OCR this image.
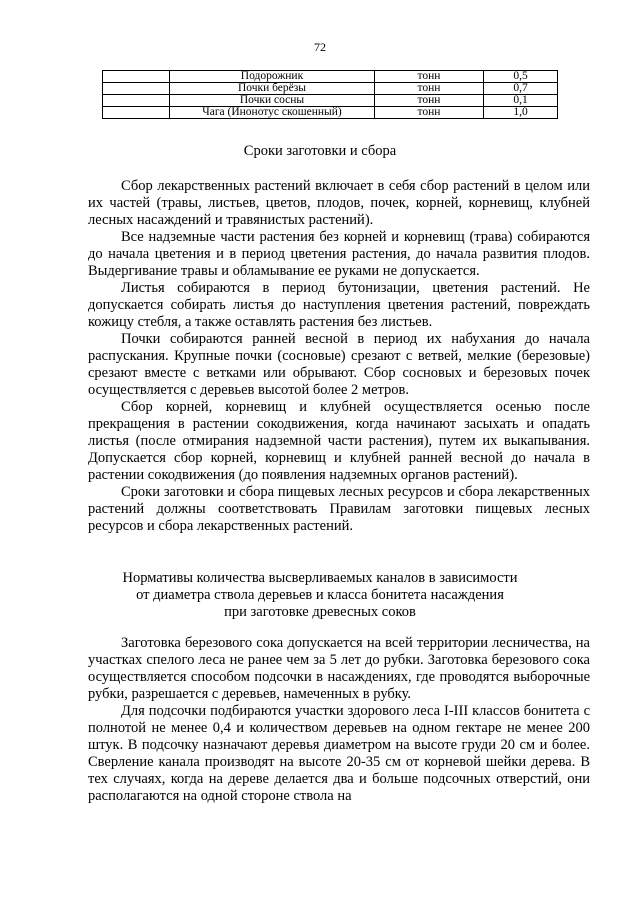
72
	Подорожник	тонн	0,5
	Почки берёзы	тонн	0,7
	Почки сосны	тонн	0,1
	Чага (Инонотус скошенный)	тонн	1,0
Сроки заготовки и сбора

Сбор лекарственных растений включает в себя сбор растений в целом или их частей (травы, листьев, цветов, плодов, почек, корней, корневищ, клубней лесных насаждений и травянистых растений).

Все надземные части растения без корней и корневищ (трава) собираются до начала цветения и в период цветения растения, до начала развития плодов. Выдергивание травы и обламывание ее руками не допускается.

Листья собираются в период бутонизации, цветения растений. Не допускается собирать листья до наступления цветения растений, повреждать кожицу стебля, а также оставлять растения без листьев.

Почки собираются ранней весной в период их набухания до начала распускания. Крупные почки (сосновые) срезают с ветвей, мелкие (березовые) срезают вместе с ветками или обрывают. Сбор сосновых и березовых почек осуществляется с деревьев высотой более 2 метров.

Сбор корней, корневищ и клубней осуществляется осенью после прекращения в растении сокодвижения, когда начинают засыхать и опадать листья (после отмирания надземной части растения), путем их выкапывания. Допускается сбор корней, корневищ и клубней ранней весной до начала в растении сокодвижения (до появления надземных органов растений).

Сроки заготовки и сбора пищевых лесных ресурсов и сбора лекарственных растений должны соответствовать Правилам заготовки пищевых лесных ресурсов и сбора лекарственных растений.

Нормативы количества высверливаемых каналов в зависимости
от диаметра ствола деревьев и класса бонитета насаждения
при заготовке древесных соков

Заготовка березового сока допускается на всей территории лесничества, на участках спелого леса не ранее чем за 5 лет до рубки. Заготовка березового сока осуществляется способом подсочки в насаждениях, где проводятся выборочные рубки, разрешается с деревьев, намеченных в рубку.

Для подсочки подбираются участки здорового леса I-III классов бонитета с полнотой не менее 0,4 и количеством деревьев на одном гектаре не менее 200 штук. В подсочку назначают деревья диаметром на высоте груди 20 см и более. Сверление канала производят на высоте 20-35 см от корневой шейки дерева. В тех случаях, когда на дереве делается два и больше подсочных отверстий, они располагаются на одной стороне ствола на
